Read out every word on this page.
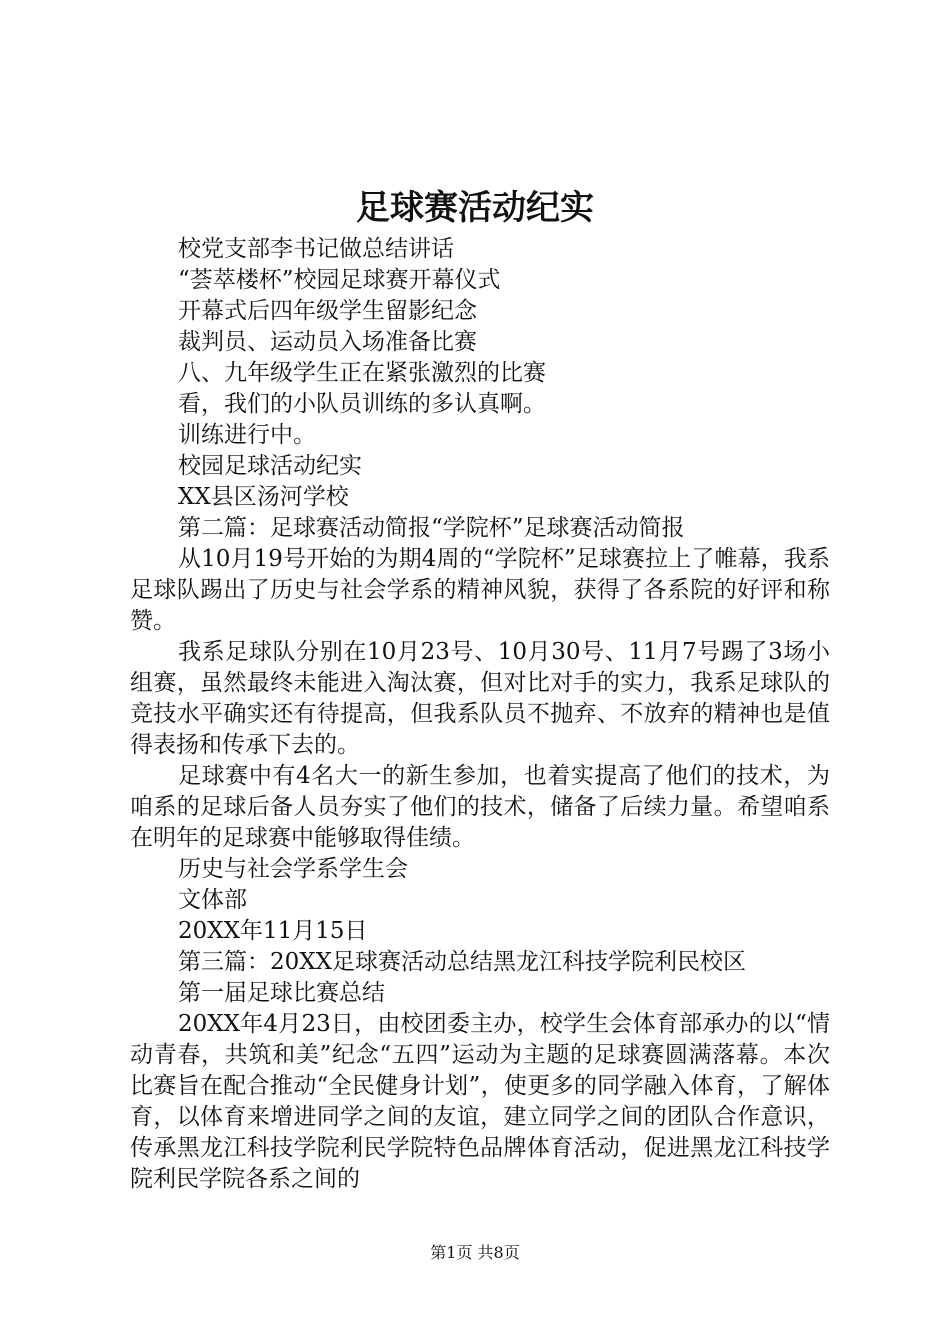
足球赛活动纪实

校党支部李书记做总结讲话

“荟萃楼杯”校园足球赛开幕仪式

开幕式后四年级学生留影纪念

裁判员、运动员入场准备比赛

八、九年级学生正在紧张激烈的比赛

看，我们的小队员训练的多认真啊。

训练进行中。

校园足球活动纪实

XX县区汤河学校

第二篇：足球赛活动简报“学院杯”足球赛活动简报

从10月19号开始的为期4周的“学院杯”足球赛拉上了帷幕，我系足球队踢出了历史与社会学系的精神风貌，获得了各系院的好评和称赞。

我系足球队分别在10月23号、10月30号、11月7号踢了3场小组赛，虽然最终未能进入淘汰赛，但对比对手的实力，我系足球队的竞技水平确实还有待提高，但我系队员不抛弃、不放弃的精神也是值得表扬和传承下去的。

足球赛中有4名大一的新生参加，也着实提高了他们的技术，为咱系的足球后备人员夯实了他们的技术，储备了后续力量。希望咱系在明年的足球赛中能够取得佳绩。

历史与社会学系学生会

文体部

20XX年11月15日

第三篇：20XX足球赛活动总结黑龙江科技学院利民校区

第一届足球比赛总结

20XX年4月23日，由校团委主办，校学生会体育部承办的以“情动青春，共筑和美”纪念“五四”运动为主题的足球赛圆满落幕。本次比赛旨在配合推动“全民健身计划”，使更多的同学融入体育，了解体育，以体育来增进同学之间的友谊，建立同学之间的团队合作意识，传承黑龙江科技学院利民学院特色品牌体育活动，促进黑龙江科技学院利民学院各系之间的

第1页 共8页
